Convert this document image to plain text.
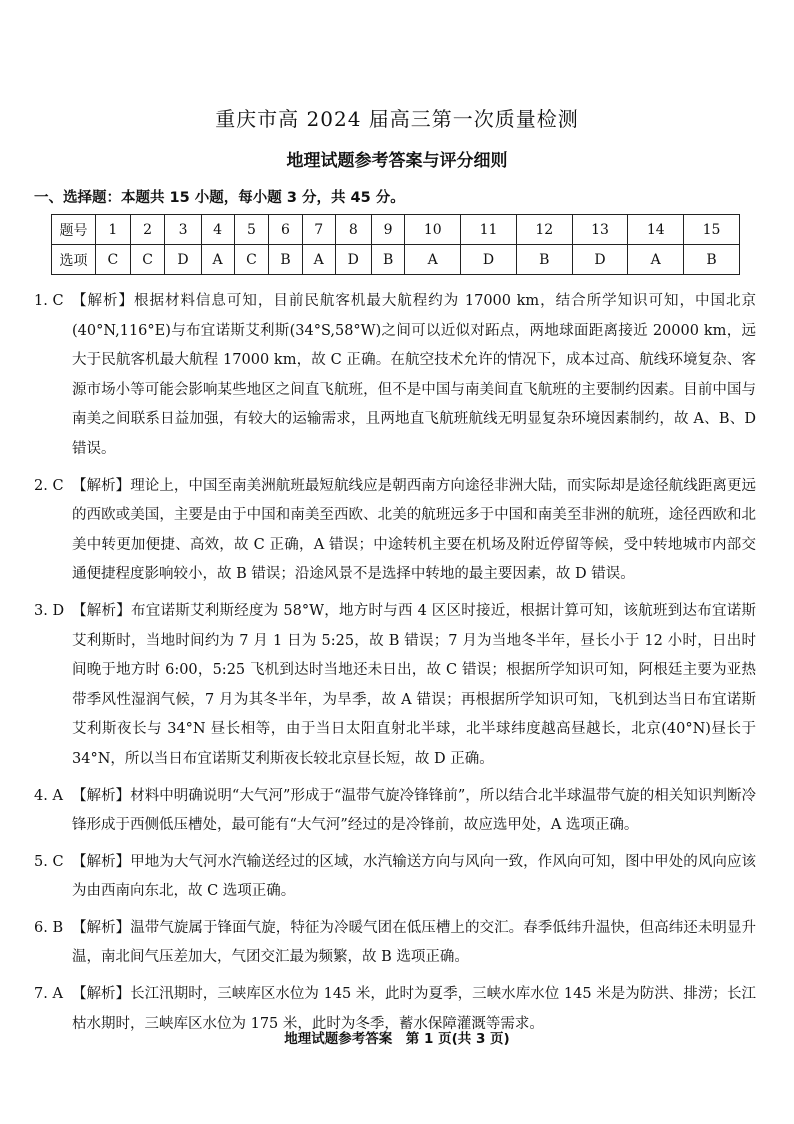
重庆市高 2024 届高三第一次质量检测
地理试题参考答案与评分细则
一、选择题：本题共 15 小题，每小题 3 分，共 45 分。
题号	1	2	3	4	5	6	7	8	9	10	11	12	13	14	15
选项	C	C	D	A	C	B	A	D	B	A	D	B	D	A	B
1. C 【解析】根据材料信息可知，目前民航客机最大航程约为 17000 km，结合所学知识可知，中国北京(40°N,116°E)与布宜诺斯艾利斯(34°S,58°W)之间可以近似对跖点，两地球面距离接近 20000 km，远大于民航客机最大航程 17000 km，故 C 正确。在航空技术允许的情况下，成本过高、航线环境复杂、客源市场小等可能会影响某些地区之间直飞航班，但不是中国与南美间直飞航班的主要制约因素。目前中国与南美之间联系日益加强，有较大的运输需求，且两地直飞航班航线无明显复杂环境因素制约，故 A、B、D 错误。
2. C 【解析】理论上，中国至南美洲航班最短航线应是朝西南方向途径非洲大陆，而实际却是途径航线距离更远的西欧或美国，主要是由于中国和南美至西欧、北美的航班远多于中国和南美至非洲的航班，途径西欧和北美中转更加便捷、高效，故 C 正确，A 错误；中途转机主要在机场及附近停留等候，受中转地城市内部交通便捷程度影响较小，故 B 错误；沿途风景不是选择中转地的最主要因素，故 D 错误。
3. D 【解析】布宜诺斯艾利斯经度为 58°W，地方时与西 4 区区时接近，根据计算可知，该航班到达布宜诺斯艾利斯时，当地时间约为 7 月 1 日为 5:25，故 B 错误；7 月为当地冬半年，昼长小于 12 小时，日出时间晚于地方时 6:00，5:25 飞机到达时当地还未日出，故 C 错误；根据所学知识可知，阿根廷主要为亚热带季风性湿润气候，7 月为其冬半年，为旱季，故 A 错误；再根据所学知识可知，飞机到达当日布宜诺斯艾利斯夜长与 34°N 昼长相等，由于当日太阳直射北半球，北半球纬度越高昼越长，北京(40°N)昼长于 34°N，所以当日布宜诺斯艾利斯夜长较北京昼长短，故 D 正确。
4. A 【解析】材料中明确说明“大气河”形成于“温带气旋冷锋锋前”，所以结合北半球温带气旋的相关知识判断冷锋形成于西侧低压槽处，最可能有“大气河”经过的是冷锋前，故应选甲处，A 选项正确。
5. C 【解析】甲地为大气河水汽输送经过的区域，水汽输送方向与风向一致，作风向可知，图中甲处的风向应该为由西南向东北，故 C 选项正确。
6. B 【解析】温带气旋属于锋面气旋，特征为冷暖气团在低压槽上的交汇。春季低纬升温快，但高纬还未明显升温，南北间气压差加大，气团交汇最为频繁，故 B 选项正确。
7. A 【解析】长江汛期时，三峡库区水位为 145 米，此时为夏季，三峡水库水位 145 米是为防洪、排涝；长江枯水期时，三峡库区水位为 175 米，此时为冬季，蓄水保障灌溉等需求。
地理试题参考答案　第 1 页(共 3 页)
